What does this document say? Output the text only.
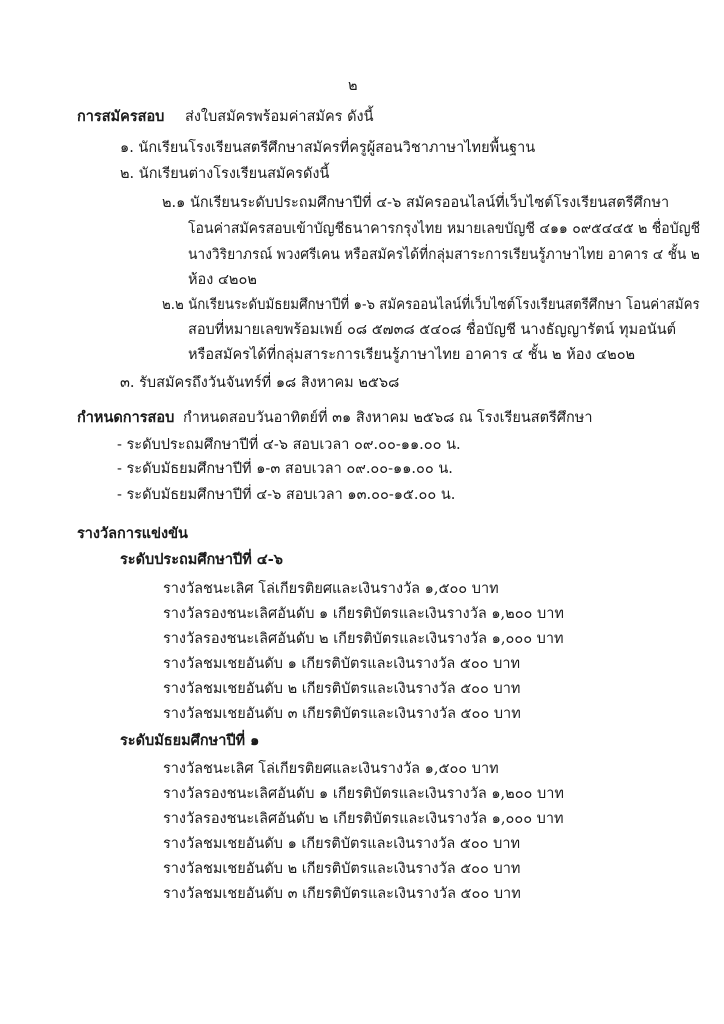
๒
การสมัครสอบ ส่งใบสมัครพร้อมค่าสมัคร ดังนี้
๑. นักเรียนโรงเรียนสตรีศึกษาสมัครที่ครูผู้สอนวิชาภาษาไทยพื้นฐาน
๒. นักเรียนต่างโรงเรียนสมัครดังนี้
๒.๑ นักเรียนระดับประถมศึกษาปีที่ ๔-๖ สมัครออนไลน์ที่เว็บไซต์โรงเรียนสตรีศึกษา
โอนค่าสมัครสอบเข้าบัญชีธนาคารกรุงไทย หมายเลขบัญชี ๔๑๑ ๐๙๕๔๔๕ ๒ ชื่อบัญชี
นางวิริยาภรณ์ พวงศรีเคน หรือสมัครได้ที่กลุ่มสาระการเรียนรู้ภาษาไทย อาคาร ๔ ชั้น ๒
ห้อง ๔๒๐๒
๒.๒ นักเรียนระดับมัธยมศึกษาปีที่ ๑-๖ สมัครออนไลน์ที่เว็บไซต์โรงเรียนสตรีศึกษา โอนค่าสมัคร
สอบที่หมายเลขพร้อมเพย์ ๐๘ ๕๗๓๘ ๕๔๐๘ ชื่อบัญชี นางธัญญารัตน์ ทุมอนันต์
หรือสมัครได้ที่กลุ่มสาระการเรียนรู้ภาษาไทย อาคาร ๔ ชั้น ๒ ห้อง ๔๒๐๒
๓. รับสมัครถึงวันจันทร์ที่ ๑๘ สิงหาคม ๒๕๖๘
กำหนดการสอบ กำหนดสอบวันอาทิตย์ที่ ๓๑ สิงหาคม ๒๕๖๘ ณ โรงเรียนสตรีศึกษา
- ระดับประถมศึกษาปีที่ ๔-๖ สอบเวลา ๐๙.๐๐-๑๑.๐๐ น.
- ระดับมัธยมศึกษาปีที่ ๑-๓ สอบเวลา ๐๙.๐๐-๑๑.๐๐ น.
- ระดับมัธยมศึกษาปีที่ ๔-๖ สอบเวลา ๑๓.๐๐-๑๕.๐๐ น.
รางวัลการแข่งขัน
ระดับประถมศึกษาปีที่ ๔-๖
รางวัลชนะเลิศ โล่เกียรติยศและเงินรางวัล ๑,๕๐๐ บาท
รางวัลรองชนะเลิศอันดับ ๑ เกียรติบัตรและเงินรางวัล ๑,๒๐๐ บาท
รางวัลรองชนะเลิศอันดับ ๒ เกียรติบัตรและเงินรางวัล ๑,๐๐๐ บาท
รางวัลชมเชยอันดับ ๑ เกียรติบัตรและเงินรางวัล ๕๐๐ บาท
รางวัลชมเชยอันดับ ๒ เกียรติบัตรและเงินรางวัล ๕๐๐ บาท
รางวัลชมเชยอันดับ ๓ เกียรติบัตรและเงินรางวัล ๕๐๐ บาท
ระดับมัธยมศึกษาปีที่ ๑
รางวัลชนะเลิศ โล่เกียรติยศและเงินรางวัล ๑,๕๐๐ บาท
รางวัลรองชนะเลิศอันดับ ๑ เกียรติบัตรและเงินรางวัล ๑,๒๐๐ บาท
รางวัลรองชนะเลิศอันดับ ๒ เกียรติบัตรและเงินรางวัล ๑,๐๐๐ บาท
รางวัลชมเชยอันดับ ๑ เกียรติบัตรและเงินรางวัล ๕๐๐ บาท
รางวัลชมเชยอันดับ ๒ เกียรติบัตรและเงินรางวัล ๕๐๐ บาท
รางวัลชมเชยอันดับ ๓ เกียรติบัตรและเงินรางวัล ๕๐๐ บาท
